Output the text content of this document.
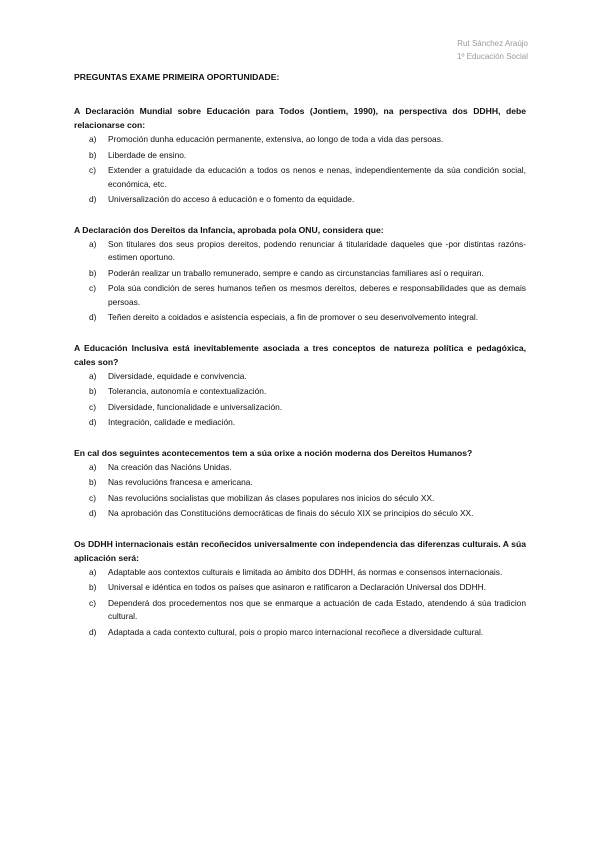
Rut Sánchez Araújo
1º Educación Social
PREGUNTAS EXAME PRIMEIRA OPORTUNIDADE:
A Declaración Mundial sobre Educación para Todos (Jontiem, 1990), na perspectiva dos DDHH, debe relacionarse con:
a)	Promoción dunha educación permanente, extensiva, ao longo de toda a vida das persoas.
b)	Liberdade de ensino.
c)	Extender a gratuidade da educación a todos os nenos e nenas, independientemente da súa condición social, económica, etc.
d)	Universalización do acceso á educación e o fomento da equidade.
A Declaración dos Dereitos da Infancia, aprobada pola ONU, considera que:
a)	Son titulares dos seus propios dereitos, podendo renunciar á titularidade daqueles que -por distintas razóns- estimen oportuno.
b)	Poderán realizar un traballo remunerado, sempre e cando as circunstancias familiares así o requiran.
c)	Pola súa condición de seres humanos teñen os mesmos dereitos, deberes e responsabilidades que as demais persoas.
d)	Teñen dereito a coidados e asistencia especiais, a fin de promover o seu desenvolvemento integral.
A Educación Inclusiva está inevitablemente asociada a tres conceptos de natureza política e pedagóxica, cales son?
a)	Diversidade, equidade e convivencia.
b)	Tolerancia, autonomía e contextualización.
c)	Diversidade, funcionalidade e universalización.
d)	Integración, calidade e mediación.
En cal dos seguintes acontecementos tem a súa orixe a noción moderna dos Dereitos Humanos?
a)	Na creación das Nacións Unidas.
b)	Nas revolucións francesa e americana.
c)	Nas revolucións socialistas que mobilizan ás clases populares nos inicios do século XX.
d)	Na aprobación das Constitucións democráticas de finais do século XIX se principios do século XX.
Os DDHH internacionais están recoñecidos universalmente con independencia das diferenzas culturais. A súa aplicación será:
a)	Adaptable aos contextos culturais e limitada ao ámbito dos DDHH, ás normas e consensos internacionais.
b)	Universal e idéntica en todos os países que asinaron e ratificaron a Declaración Universal dos DDHH.
c)	Dependerá dos procedementos nos que se enmarque a actuación de cada Estado, atendendo á súa tradicion cultural.
d)	Adaptada a cada contexto cultural, pois o propio marco internacional recoñece a diversidade cultural.
